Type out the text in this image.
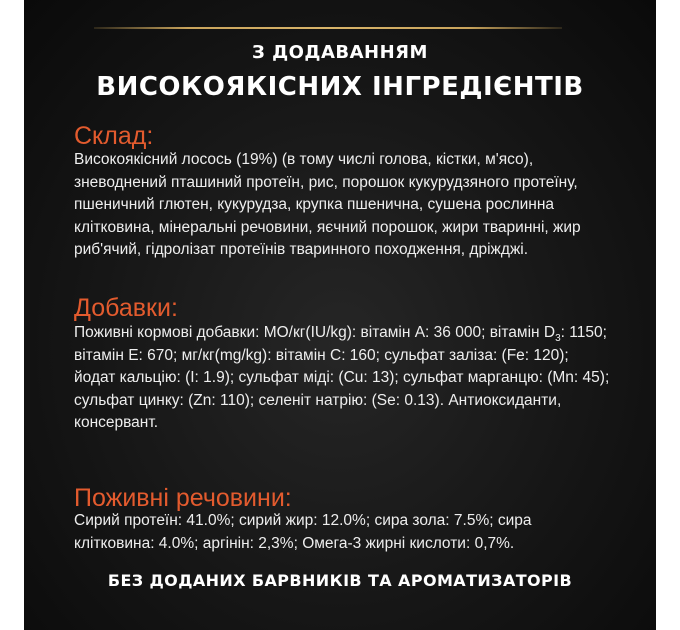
З ДОДАВАННЯМ
ВИСОКОЯКІСНИХ ІНГРЕДІЄНТІВ
Склад:
Високоякісний лосось (19%) (в тому числі голова, кістки, м'ясо), зневоднений пташиний протеїн, рис, порошок кукурудзяного протеїну, пшеничний глютен, кукурудза, крупка пшенична, сушена рослинна клітковина, мінеральні речовини, яєчний порошок, жири тваринні, жир риб'ячий, гідролізат протеїнів тваринного походження, дріжджі.
Добавки:
Поживні кормові добавки: МО/кг(IU/kg): вітамін А: 36 000; вітамін $D_3$: 1150; вітамін Е: 670; мг/кг(mg/kg): вітамін С: 160; сульфат заліза: (Fe: 120); йодат кальцію: (I: 1.9); сульфат міді: (Cu: 13); сульфат марганцю: (Mn: 45); сульфат цинку: (Zn: 110); селеніт натрію: (Se: 0.13). Антиоксиданти, консервант.
Поживні речовини:
Сирий протеїн: 41.0%; сирий жир: 12.0%; сира зола: 7.5%; сира клітковина: 4.0%; аргінін: 2,3%; Омега-3 жирні кислоти: 0,7%.
БЕЗ ДОДАНИХ БАРВНИКІВ ТА АРОМАТИЗАТОРІВ
